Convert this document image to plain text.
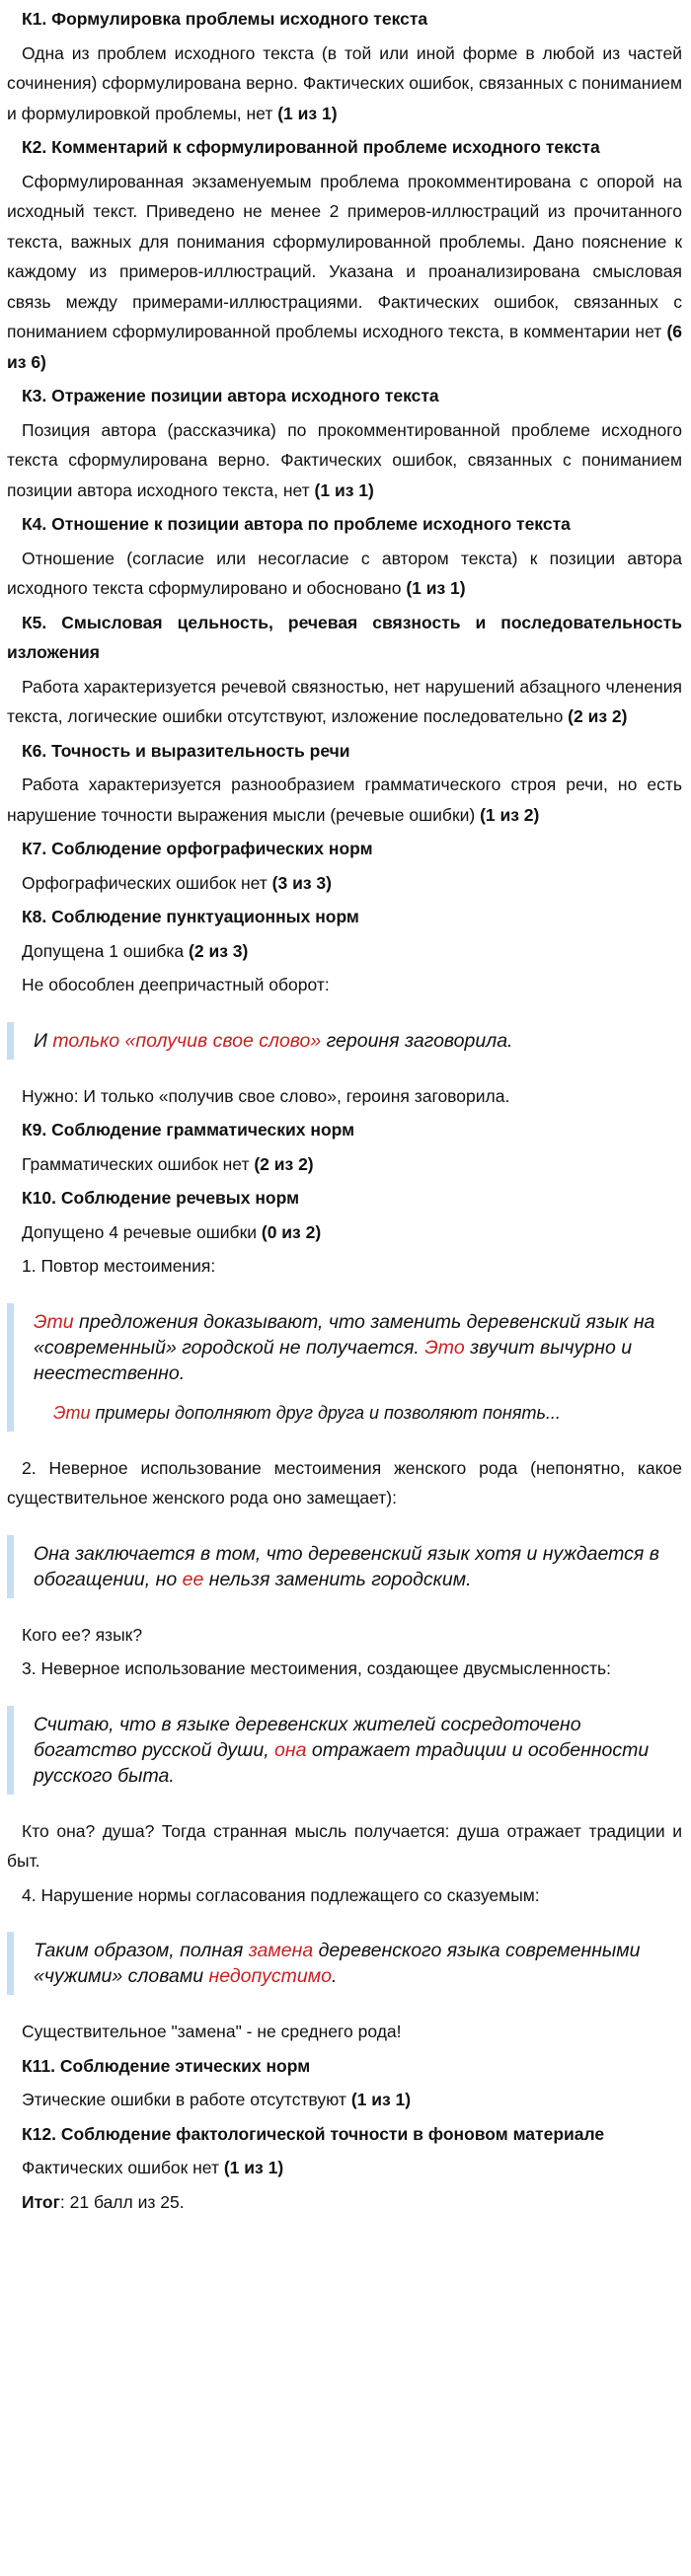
К1. Формулировка проблемы исходного текста

Одна из проблем исходного текста (в той или иной форме в любой из частей сочинения) сформулирована верно. Фактических ошибок, связанных с пониманием и формулировкой проблемы, нет (1 из 1)

К2. Комментарий к сформулированной проблеме исходного текста

Сформулированная экзаменуемым проблема прокомментирована с опорой на исходный текст. Приведено не менее 2 примеров-иллюстраций из прочитанного текста, важных для понимания сформулированной проблемы. Дано пояснение к каждому из примеров-иллюстраций. Указана и проанализирована смысловая связь между примерами-иллюстрациями. Фактических ошибок, связанных с пониманием сформулированной проблемы исходного текста, в комментарии нет (6 из 6)

К3. Отражение позиции автора исходного текста

Позиция автора (рассказчика) по прокомментированной проблеме исходного текста сформулирована верно. Фактических ошибок, связанных с пониманием позиции автора исходного текста, нет (1 из 1)

К4. Отношение к позиции автора по проблеме исходного текста

Отношение (согласие или несогласие с автором текста) к позиции автора исходного текста сформулировано и обосновано (1 из 1)

К5. Смысловая цельность, речевая связность и последовательность изложения

Работа характеризуется речевой связностью, нет нарушений абзацного членения текста, логические ошибки отсутствуют, изложение последовательно (2 из 2)

К6. Точность и выразительность речи

Работа характеризуется разнообразием грамматического строя речи, но есть нарушение точности выражения мысли (речевые ошибки) (1 из 2)

К7. Соблюдение орфографических норм

Орфографических ошибок нет (3 из 3)

К8. Соблюдение пунктуационных норм

Допущена 1 ошибка (2 из 3)

Не обособлен деепричастный оборот:

И только «получив свое слово» героиня заговорила.

Нужно: И только «получив свое слово», героиня заговорила.

К9. Соблюдение грамматических норм

Грамматических ошибок нет (2 из 2)

К10. Соблюдение речевых норм

Допущено 4 речевые ошибки (0 из 2)

1. Повтор местоимения:

Эти предложения доказывают, что заменить деревенский язык на «современный» городской не получается. Это звучит вычурно и неестественно.
Эти примеры дополняют друг друга и позволяют понять...

2. Неверное использование местоимения женского рода (непонятно, какое существительное женского рода оно замещает):

Она заключается в том, что деревенский язык хотя и нуждается в обогащении, но ее нельзя заменить городским.

Кого ее? язык?

3. Неверное использование местоимения, создающее двусмысленность:

Считаю, что в языке деревенских жителей сосредоточено богатство русской души, она отражает традиции и особенности русского быта.

Кто она? душа? Тогда странная мысль получается: душа отражает традиции и быт.

4. Нарушение нормы согласования подлежащего со сказуемым:

Таким образом, полная замена деревенского языка современными «чужими» словами недопустимо.

Существительное "замена" - не среднего рода!

К11. Соблюдение этических норм

Этические ошибки в работе отсутствуют (1 из 1)

К12. Соблюдение фактологической точности в фоновом материале

Фактических ошибок нет (1 из 1)

Итог: 21 балл из 25.
